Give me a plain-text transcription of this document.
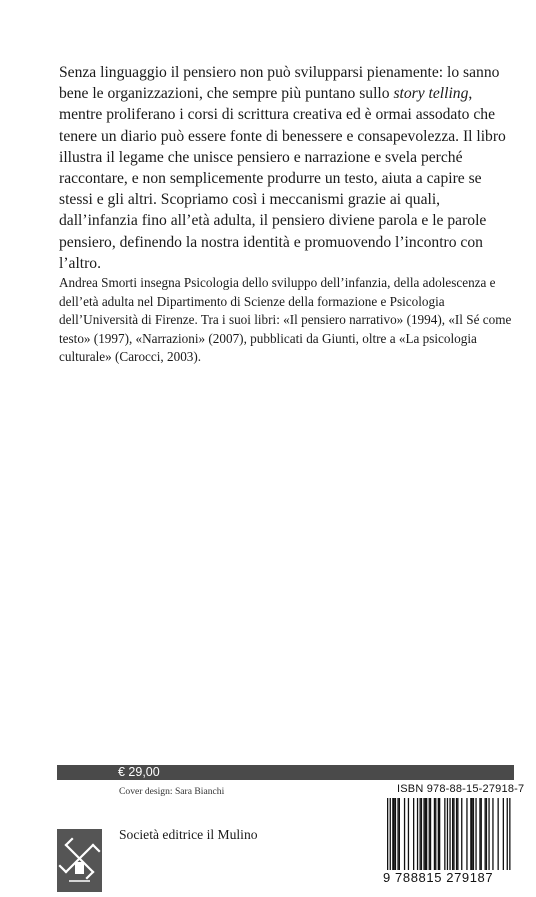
Senza linguaggio il pensiero non può svilupparsi pienamente: lo sanno bene le organizzazioni, che sempre più puntano sullo story telling, mentre proliferano i corsi di scrittura creativa ed è ormai assodato che tenere un diario può essere fonte di benessere e consapevolezza. Il libro illustra il legame che unisce pensiero e narrazione e svela perché raccontare, e non semplicemente produrre un testo, aiuta a capire se stessi e gli altri. Scopriamo così i meccanismi grazie ai quali, dall’infanzia fino all’età adulta, il pensiero diviene parola e le parole pensiero, definendo la nostra identità e promuovendo l’incontro con l’altro.

Andrea Smorti insegna Psicologia dello sviluppo dell’infanzia, della adolescenza e dell’età adulta nel Dipartimento di Scienze della formazione e Psicologia dell’Università di Firenze. Tra i suoi libri: «Il pensiero narrativo» (1994), «Il Sé come testo» (1997), «Narrazioni» (2007), pubblicati da Giunti, oltre a «La psicologia culturale» (Carocci, 2003).

€ 29,00
Cover design: Sara Bianchi
Società editrice il Mulino
ISBN 978-88-15-27918-7
9 788815 279187
